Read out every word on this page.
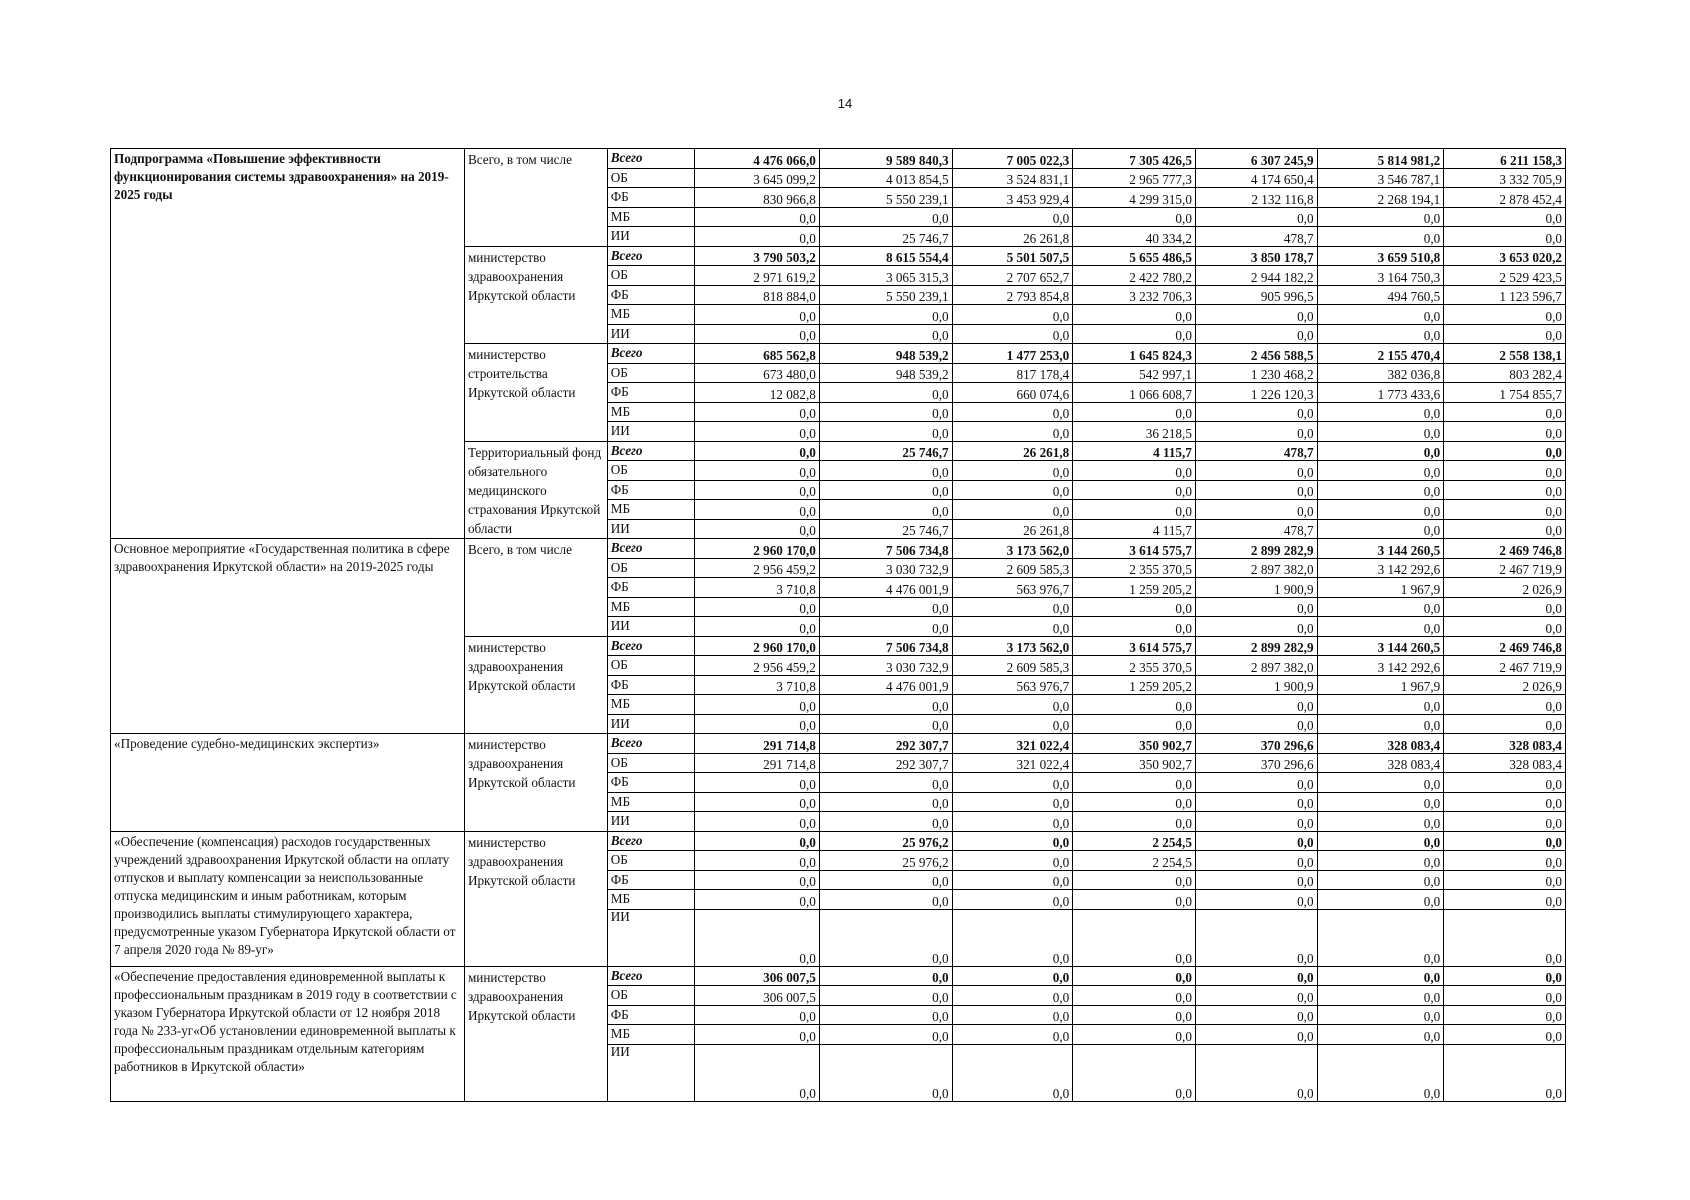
14
Подпрограмма «Повышение эффективности функционирования системы здравоохранения» на 2019-2025 годы	Всего, в том числе	Всего	4 476 066,0	9 589 840,3	7 005 022,3	7 305 426,5	6 307 245,9	5 814 981,2	6 211 158,3
		ОБ	3 645 099,2	4 013 854,5	3 524 831,1	2 965 777,3	4 174 650,4	3 546 787,1	3 332 705,9
		ФБ	830 966,8	5 550 239,1	3 453 929,4	4 299 315,0	2 132 116,8	2 268 194,1	2 878 452,4
		МБ	0,0	0,0	0,0	0,0	0,0	0,0	0,0
		ИИ	0,0	25 746,7	26 261,8	40 334,2	478,7	0,0	0,0
	министерство здравоохранения Иркутской области	Всего	3 790 503,2	8 615 554,4	5 501 507,5	5 655 486,5	3 850 178,7	3 659 510,8	3 653 020,2
		ОБ	2 971 619,2	3 065 315,3	2 707 652,7	2 422 780,2	2 944 182,2	3 164 750,3	2 529 423,5
		ФБ	818 884,0	5 550 239,1	2 793 854,8	3 232 706,3	905 996,5	494 760,5	1 123 596,7
		МБ	0,0	0,0	0,0	0,0	0,0	0,0	0,0
		ИИ	0,0	0,0	0,0	0,0	0,0	0,0	0,0
	министерство строительства Иркутской области	Всего	685 562,8	948 539,2	1 477 253,0	1 645 824,3	2 456 588,5	2 155 470,4	2 558 138,1
		ОБ	673 480,0	948 539,2	817 178,4	542 997,1	1 230 468,2	382 036,8	803 282,4
		ФБ	12 082,8	0,0	660 074,6	1 066 608,7	1 226 120,3	1 773 433,6	1 754 855,7
		МБ	0,0	0,0	0,0	0,0	0,0	0,0	0,0
		ИИ	0,0	0,0	0,0	36 218,5	0,0	0,0	0,0
	Территориальный фонд обязательного медицинского страхования Иркутской области	Всего	0,0	25 746,7	26 261,8	4 115,7	478,7	0,0	0,0
		ОБ	0,0	0,0	0,0	0,0	0,0	0,0	0,0
		ФБ	0,0	0,0	0,0	0,0	0,0	0,0	0,0
		МБ	0,0	0,0	0,0	0,0	0,0	0,0	0,0
		ИИ	0,0	25 746,7	26 261,8	4 115,7	478,7	0,0	0,0
Основное мероприятие «Государственная политика в сфере здравоохранения Иркутской области» на 2019-2025 годы	Всего, в том числе	Всего	2 960 170,0	7 506 734,8	3 173 562,0	3 614 575,7	2 899 282,9	3 144 260,5	2 469 746,8
		ОБ	2 956 459,2	3 030 732,9	2 609 585,3	2 355 370,5	2 897 382,0	3 142 292,6	2 467 719,9
		ФБ	3 710,8	4 476 001,9	563 976,7	1 259 205,2	1 900,9	1 967,9	2 026,9
		МБ	0,0	0,0	0,0	0,0	0,0	0,0	0,0
		ИИ	0,0	0,0	0,0	0,0	0,0	0,0	0,0
	министерство здравоохранения Иркутской области	Всего	2 960 170,0	7 506 734,8	3 173 562,0	3 614 575,7	2 899 282,9	3 144 260,5	2 469 746,8
		ОБ	2 956 459,2	3 030 732,9	2 609 585,3	2 355 370,5	2 897 382,0	3 142 292,6	2 467 719,9
		ФБ	3 710,8	4 476 001,9	563 976,7	1 259 205,2	1 900,9	1 967,9	2 026,9
		МБ	0,0	0,0	0,0	0,0	0,0	0,0	0,0
		ИИ	0,0	0,0	0,0	0,0	0,0	0,0	0,0
«Проведение судебно-медицинских экспертиз»	министерство здравоохранения Иркутской области	Всего	291 714,8	292 307,7	321 022,4	350 902,7	370 296,6	328 083,4	328 083,4
		ОБ	291 714,8	292 307,7	321 022,4	350 902,7	370 296,6	328 083,4	328 083,4
		ФБ	0,0	0,0	0,0	0,0	0,0	0,0	0,0
		МБ	0,0	0,0	0,0	0,0	0,0	0,0	0,0
		ИИ	0,0	0,0	0,0	0,0	0,0	0,0	0,0
«Обеспечение (компенсация) расходов государственных учреждений здравоохранения Иркутской области на оплату отпусков и выплату компенсации за неиспользованные отпуска медицинским и иным работникам, которым производились выплаты стимулирующего характера, предусмотренные указом Губернатора Иркутской области от 7 апреля 2020 года № 89-уг»	министерство здравоохранения Иркутской области	Всего	0,0	25 976,2	0,0	2 254,5	0,0	0,0	0,0
		ОБ	0,0	25 976,2	0,0	2 254,5	0,0	0,0	0,0
		ФБ	0,0	0,0	0,0	0,0	0,0	0,0	0,0
		МБ	0,0	0,0	0,0	0,0	0,0	0,0	0,0
		ИИ	0,0	0,0	0,0	0,0	0,0	0,0	0,0
«Обеспечение предоставления единовременной выплаты к профессиональным праздникам в 2019 году в соответствии с указом Губернатора Иркутской области от 12 ноября 2018 года № 233-уг«Об установлении единовременной выплаты к профессиональным праздникам отдельным категориям работников в Иркутской области»	министерство здравоохранения Иркутской области	Всего	306 007,5	0,0	0,0	0,0	0,0	0,0	0,0
		ОБ	306 007,5	0,0	0,0	0,0	0,0	0,0	0,0
		ФБ	0,0	0,0	0,0	0,0	0,0	0,0	0,0
		МБ	0,0	0,0	0,0	0,0	0,0	0,0	0,0
		ИИ	0,0	0,0	0,0	0,0	0,0	0,0	0,0
